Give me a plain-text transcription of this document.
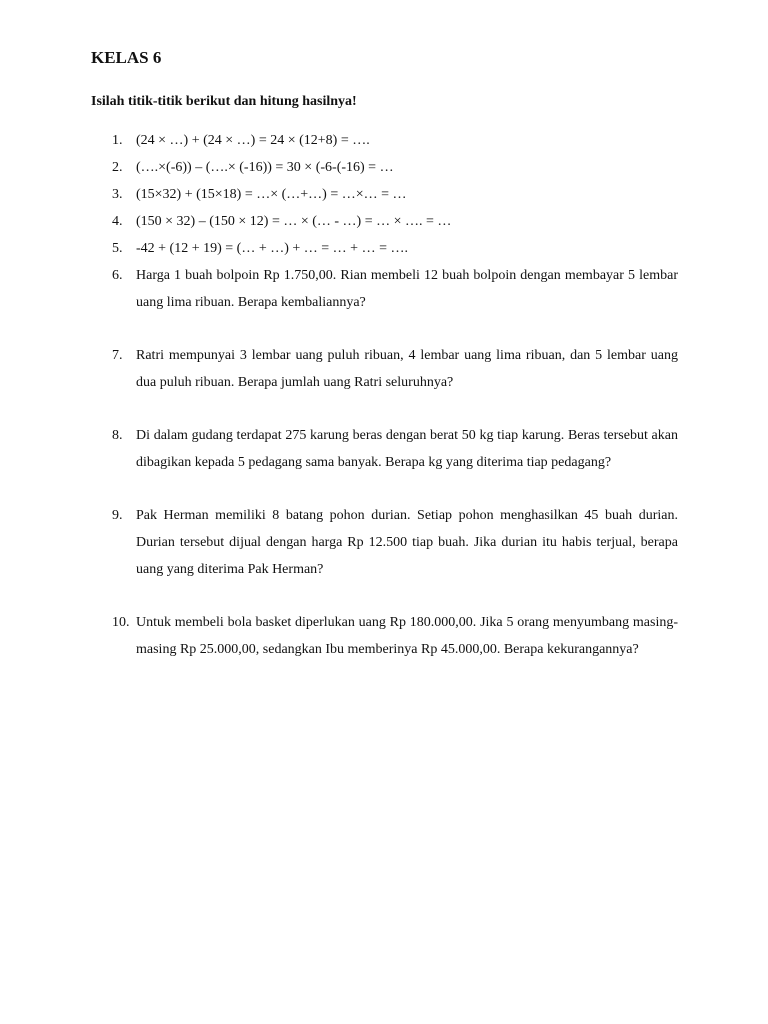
KELAS 6

Isilah titik-titik berikut dan hitung hasilnya!

1. (24 × …) + (24 × …) = 24 × (12+8) = ….
2. (….×(-6)) – (….× (-16)) = 30 × (-6-(-16) = …
3. (15×32) + (15×18) = …× (…+…) = …×… = …
4. (150 × 32) – (150 × 12) = … × (… - …) = … × …. = …
5. -42 + (12 + 19) = (… + …) + … = … + … = ….
6. Harga 1 buah bolpoin Rp 1.750,00. Rian membeli 12 buah bolpoin dengan membayar 5 lembar uang lima ribuan. Berapa kembaliannya?
7. Ratri mempunyai 3 lembar uang puluh ribuan, 4 lembar uang lima ribuan, dan 5 lembar uang dua puluh ribuan. Berapa jumlah uang Ratri seluruhnya?
8. Di dalam gudang terdapat 275 karung beras dengan berat 50 kg tiap karung. Beras tersebut akan dibagikan kepada 5 pedagang sama banyak. Berapa kg yang diterima tiap pedagang?
9. Pak Herman memiliki 8 batang pohon durian. Setiap pohon menghasilkan 45 buah durian. Durian tersebut dijual dengan harga Rp 12.500 tiap buah. Jika durian itu habis terjual, berapa uang yang diterima Pak Herman?
10. Untuk membeli bola basket diperlukan uang Rp 180.000,00. Jika 5 orang menyumbang masing-masing Rp 25.000,00, sedangkan Ibu memberinya Rp 45.000,00. Berapa kekurangannya?
